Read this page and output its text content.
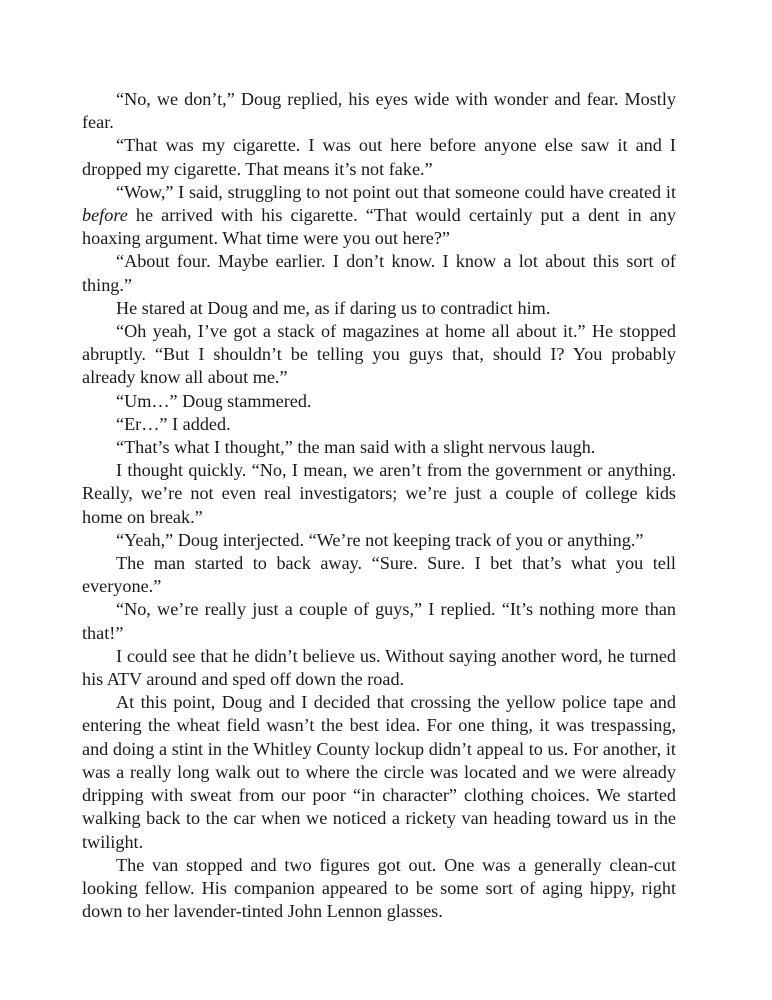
“No, we don’t,” Doug replied, his eyes wide with wonder and fear. Mostly fear.

“That was my cigarette. I was out here before anyone else saw it and I dropped my cigarette. That means it’s not fake.”

“Wow,” I said, struggling to not point out that someone could have created it before he arrived with his cigarette. “That would certainly put a dent in any hoaxing argument. What time were you out here?”

“About four. Maybe earlier. I don’t know. I know a lot about this sort of thing.”

He stared at Doug and me, as if daring us to contradict him.

“Oh yeah, I’ve got a stack of magazines at home all about it.” He stopped abruptly. “But I shouldn’t be telling you guys that, should I? You probably already know all about me.”

“Um…” Doug stammered.

“Er…” I added.

“That’s what I thought,” the man said with a slight nervous laugh.

I thought quickly. “No, I mean, we aren’t from the government or anything. Really, we’re not even real investigators; we’re just a couple of college kids home on break.”

“Yeah,” Doug interjected. “We’re not keeping track of you or anything.”

The man started to back away. “Sure. Sure. I bet that’s what you tell everyone.”

“No, we’re really just a couple of guys,” I replied. “It’s nothing more than that!”

I could see that he didn’t believe us. Without saying another word, he turned his ATV around and sped off down the road.

At this point, Doug and I decided that crossing the yellow police tape and entering the wheat field wasn’t the best idea. For one thing, it was trespassing, and doing a stint in the Whitley County lockup didn’t appeal to us. For another, it was a really long walk out to where the circle was located and we were already dripping with sweat from our poor “in character” clothing choices. We started walking back to the car when we noticed a rickety van heading toward us in the twilight.

The van stopped and two figures got out. One was a generally clean-cut looking fellow. His companion appeared to be some sort of aging hippy, right down to her lavender-tinted John Lennon glasses.
